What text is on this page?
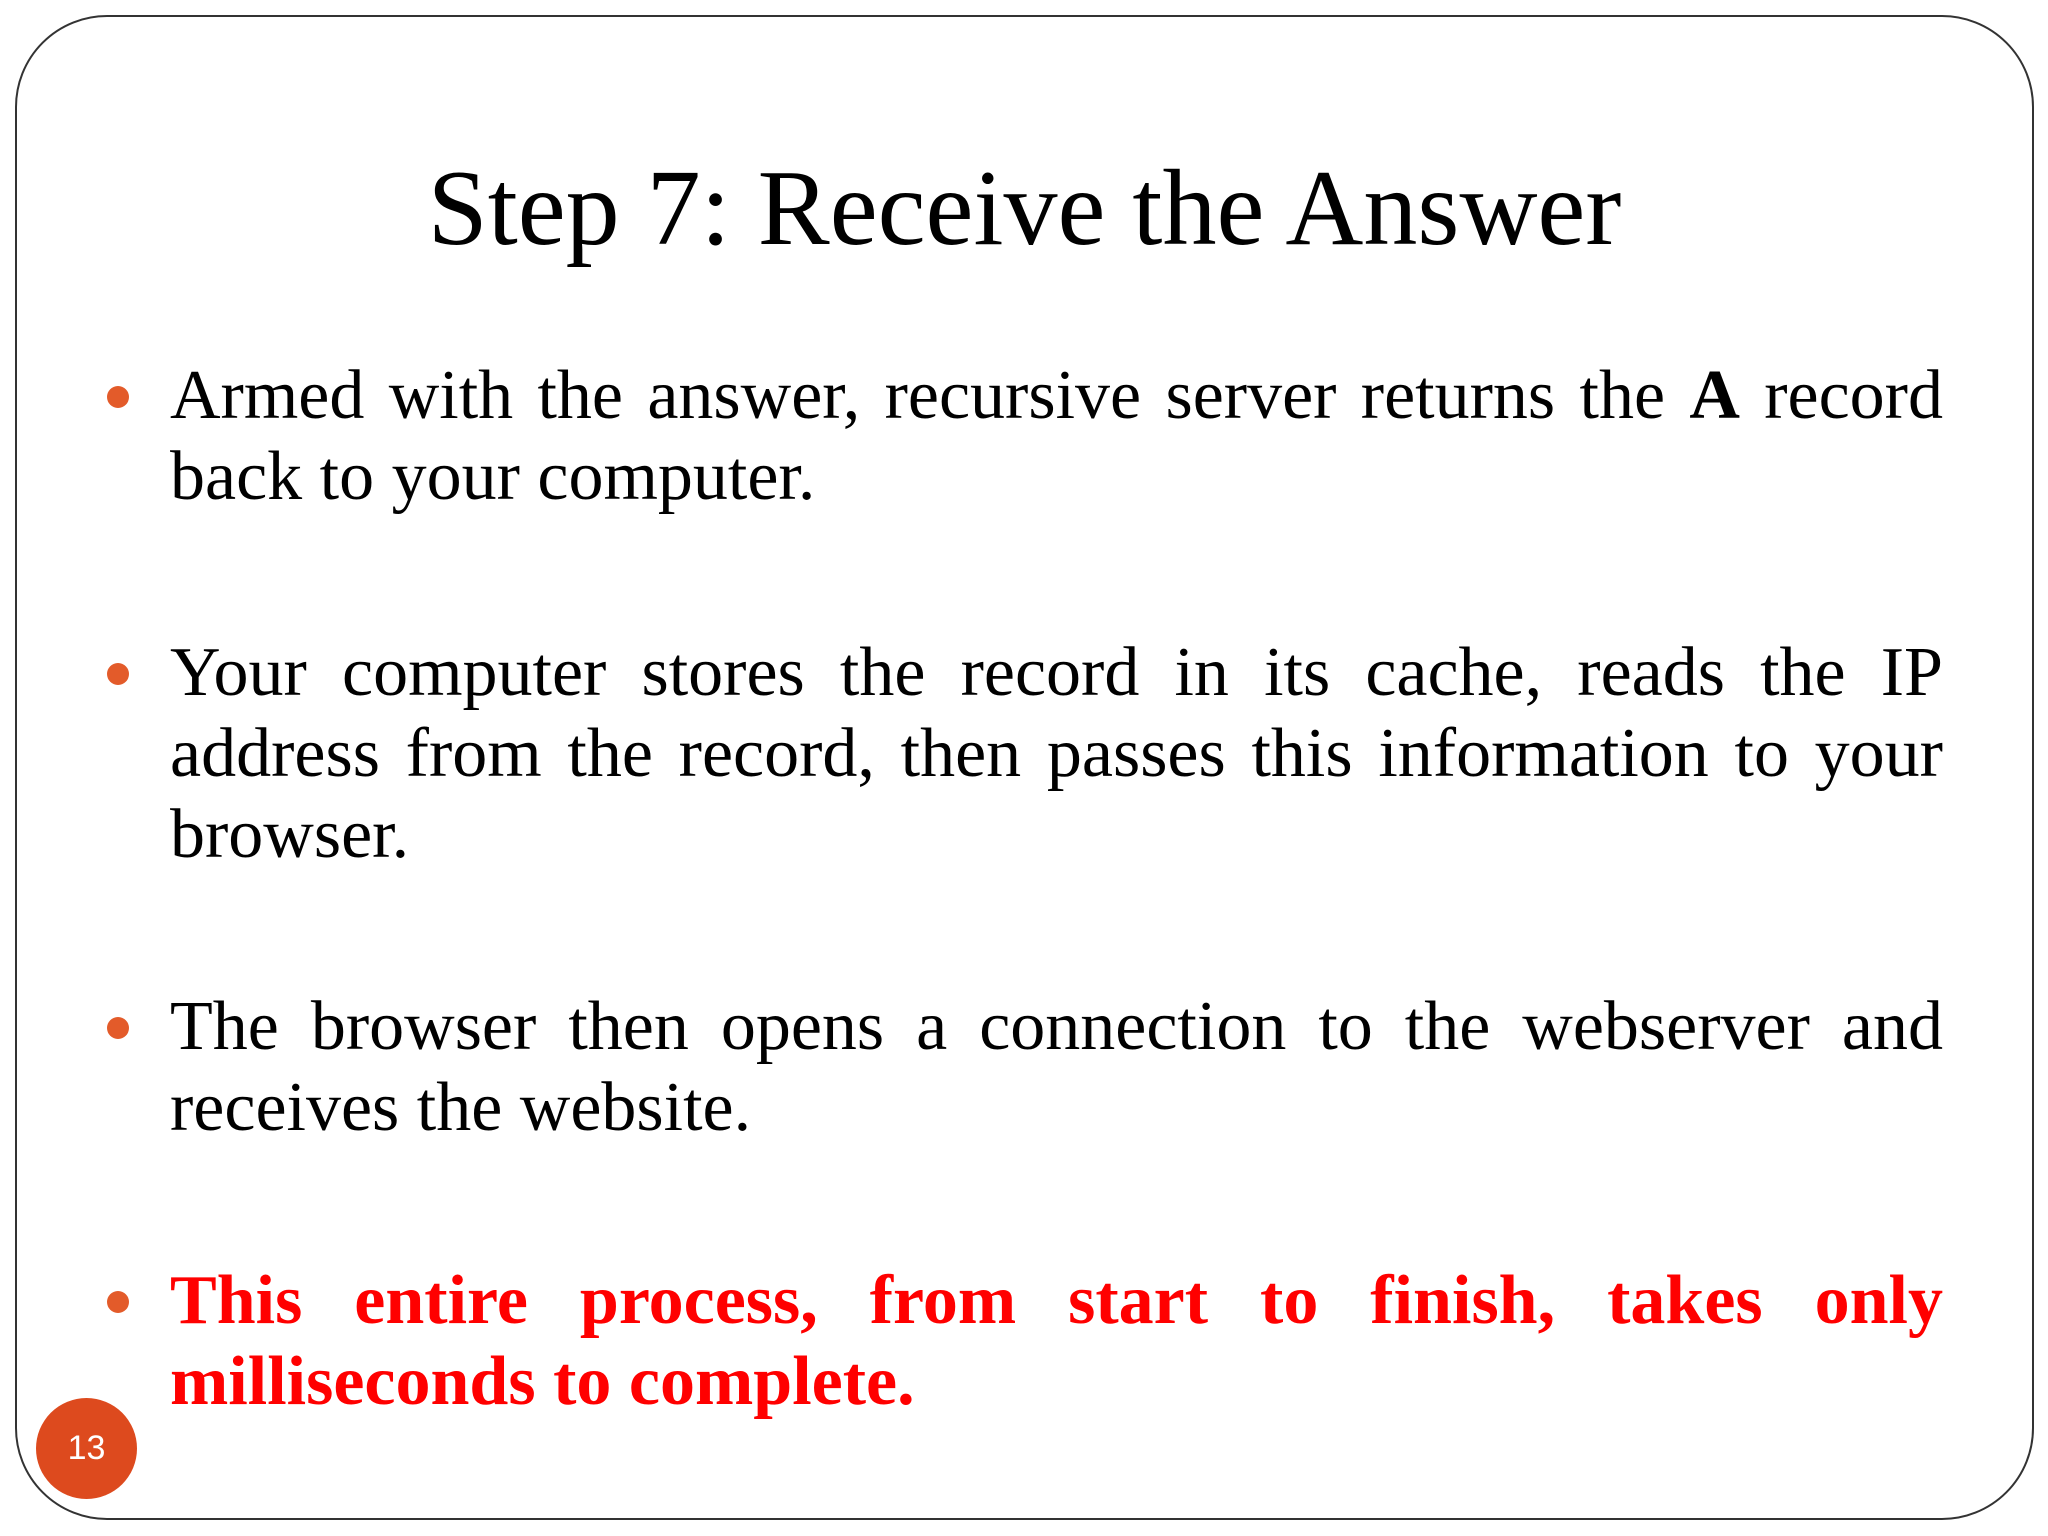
Step 7: Receive the Answer
Armed with the answer, recursive server returns the A record back to your computer.
Your computer stores the record in its cache, reads the IP address from the record, then passes this information to your browser.
The browser then opens a connection to the webserver and receives the website.
This entire process, from start to finish, takes only milliseconds to complete.
13
